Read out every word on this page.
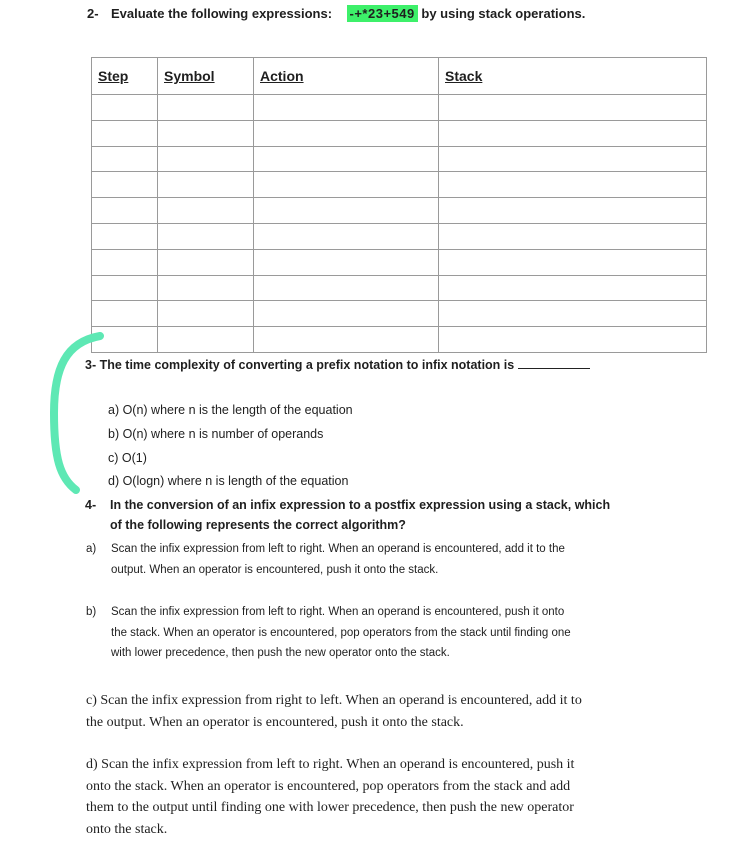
2- Evaluate the following expressions: -+*23+549 by using stack operations.
Step	Symbol	Action	Stack

3- The time complexity of converting a prefix notation to infix notation is
a) O(n) where n is the length of the equation
b) O(n) where n is number of operands
c) O(1)
d) O(logn) where n is length of the equation
4- In the conversion of an infix expression to a postfix expression using a stack, which
of the following represents the correct algorithm?
a) Scan the infix expression from left to right. When an operand is encountered, add it to the
output. When an operator is encountered, push it onto the stack.
b) Scan the infix expression from left to right. When an operand is encountered, push it onto
the stack. When an operator is encountered, pop operators from the stack until finding one
with lower precedence, then push the new operator onto the stack.
c) Scan the infix expression from right to left. When an operand is encountered, add it to
the output. When an operator is encountered, push it onto the stack.
d) Scan the infix expression from left to right. When an operand is encountered, push it
onto the stack. When an operator is encountered, pop operators from the stack and add
them to the output until finding one with lower precedence, then push the new operator
onto the stack.
